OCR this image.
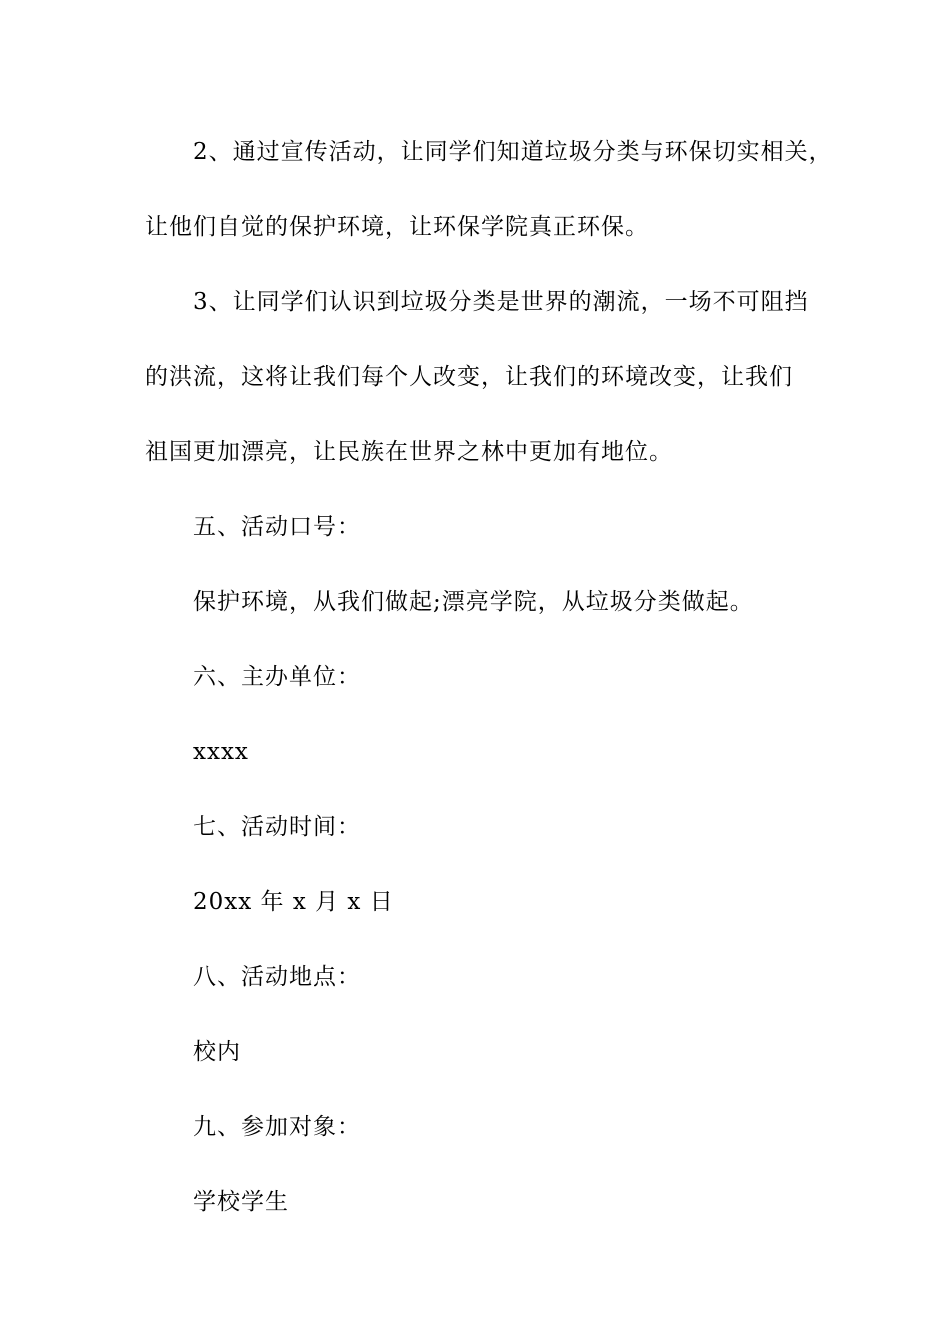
2、通过宣传活动，让同学们知道垃圾分类与环保切实相关，
让他们自觉的保护环境，让环保学院真正环保。
3、让同学们认识到垃圾分类是世界的潮流，一场不可阻挡
的洪流，这将让我们每个人改变，让我们的环境改变，让我们
祖国更加漂亮，让民族在世界之林中更加有地位。
五、活动口号：
保护环境，从我们做起;漂亮学院，从垃圾分类做起。
六、主办单位：
xxxx
七、活动时间：
20xx 年 x 月 x 日
八、活动地点：
校内
九、参加对象：
学校学生
